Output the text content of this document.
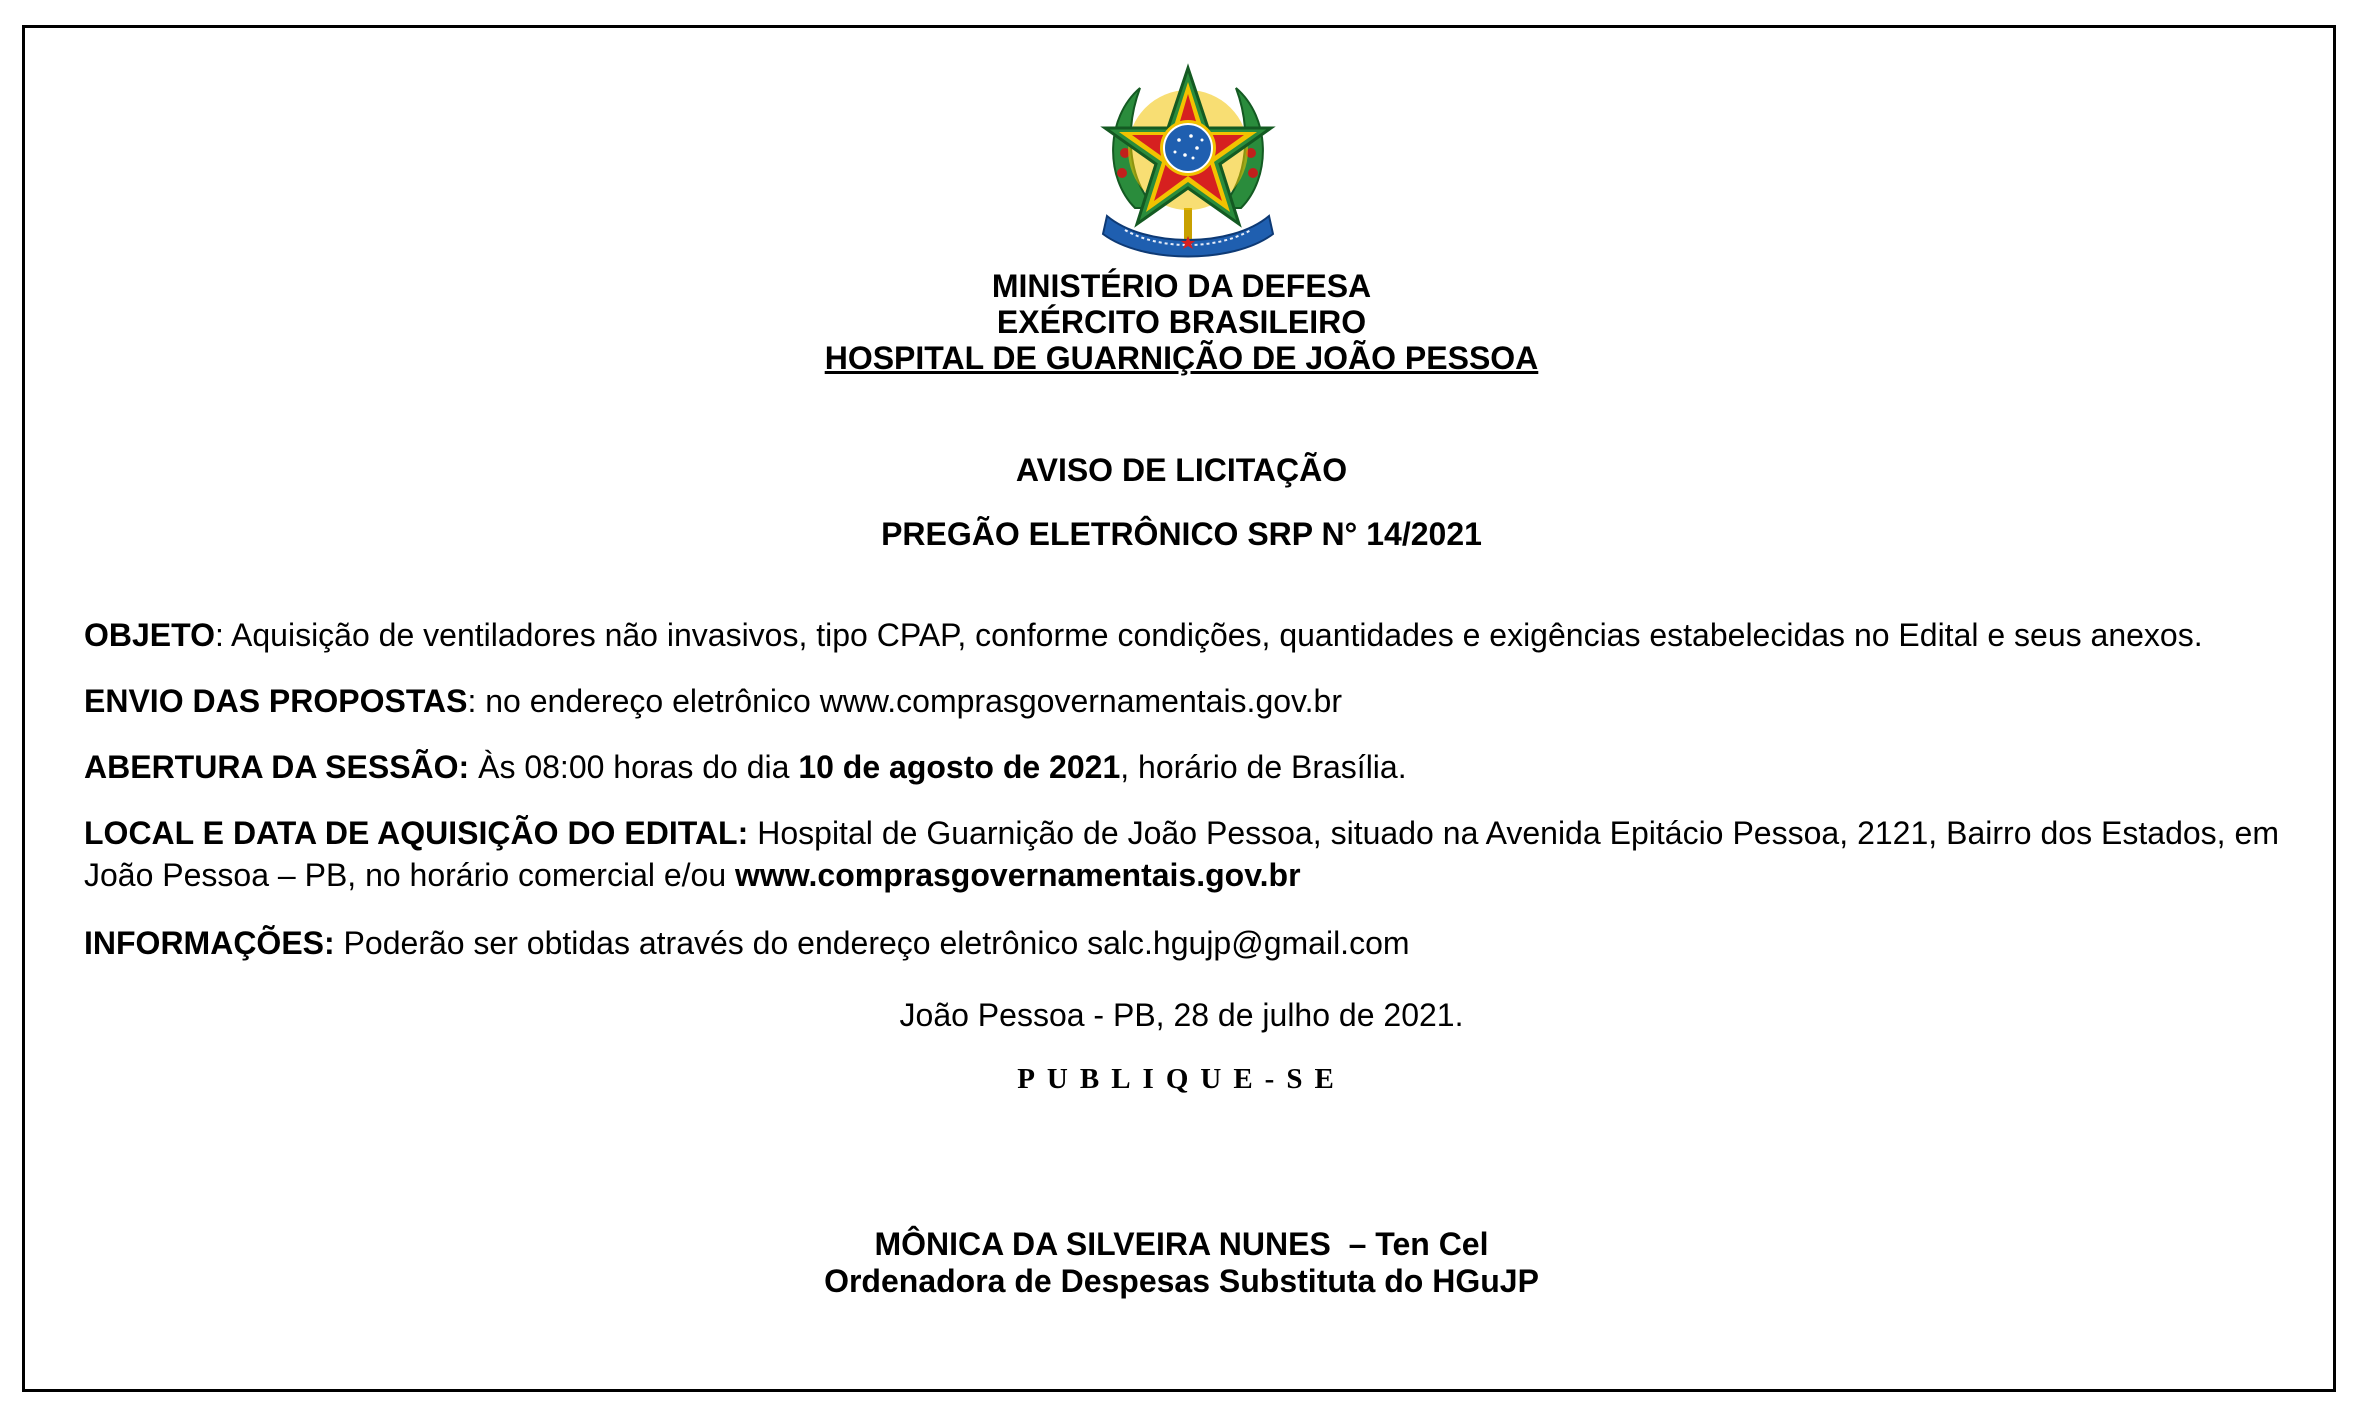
MINISTÉRIO DA DEFESA
EXÉRCITO BRASILEIRO
HOSPITAL DE GUARNIÇÃO DE JOÃO PESSOA
AVISO DE LICITAÇÃO
PREGÃO ELETRÔNICO SRP N° 14/2021
OBJETO: Aquisição de ventiladores não invasivos, tipo CPAP, conforme condições, quantidades e exigências estabelecidas no Edital e seus anexos.
ENVIO DAS PROPOSTAS: no endereço eletrônico www.comprasgovernamentais.gov.br
ABERTURA DA SESSÃO: Às 08:00 horas do dia 10 de agosto de 2021, horário de Brasília.
LOCAL E DATA DE AQUISIÇÃO DO EDITAL: Hospital de Guarnição de João Pessoa, situado na Avenida Epitácio Pessoa, 2121, Bairro dos Estados, em João Pessoa – PB, no horário comercial e/ou www.comprasgovernamentais.gov.br
INFORMAÇÕES: Poderão ser obtidas através do endereço eletrônico salc.hgujp@gmail.com
João Pessoa - PB, 28 de julho de 2021.
PUBLIQUE-SE
MÔNICA DA SILVEIRA NUNES  – Ten Cel
Ordenadora de Despesas Substituta do HGuJP
